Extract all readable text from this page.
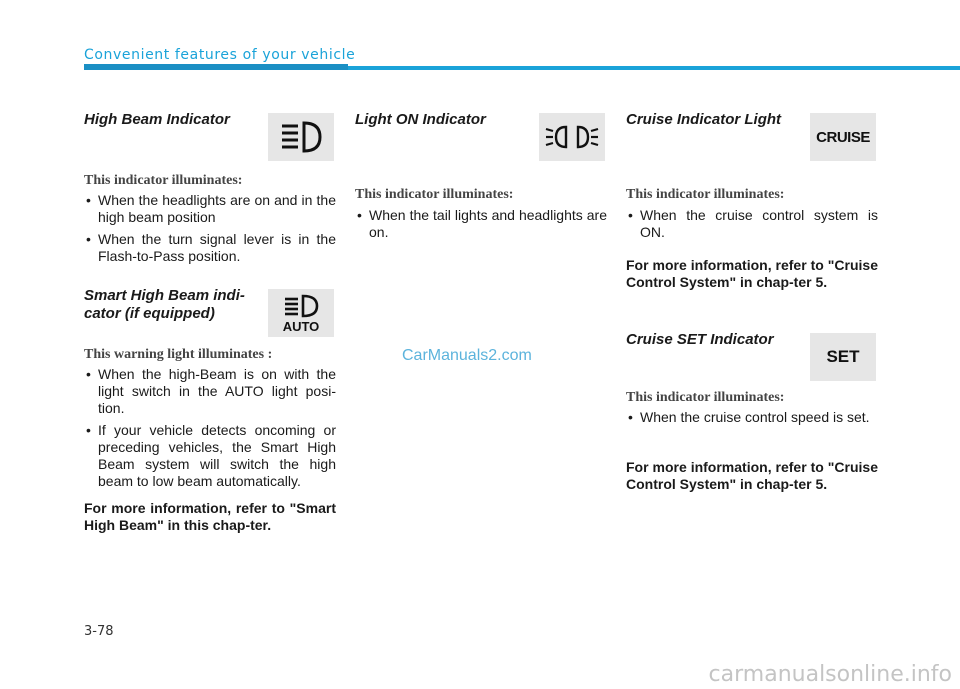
Convenient features of your vehicle
High Beam Indicator
This indicator illuminates:
• When the headlights are on and in the high beam position
• When the turn signal lever is in the Flash-to-Pass position.
Smart High Beam indi-
cator (if equipped)
AUTO
This warning light illuminates :
• When the high-Beam is on with the light switch in the AUTO light posi-tion.
• If your vehicle detects oncoming or preceding vehicles, the Smart High Beam system will switch the high beam to low beam automatically.
For more information, refer to "Smart High Beam" in this chap-ter.
Light ON Indicator
This indicator illuminates:
• When the tail lights and headlights are on.
Cruise Indicator Light
CRUISE
This indicator illuminates:
• When the cruise control system is ON.
For more information, refer to "Cruise Control System" in chap-ter 5.
Cruise SET Indicator
SET
This indicator illuminates:
• When the cruise control speed is set.
For more information, refer to "Cruise Control System" in chap-ter 5.
CarManuals2.com
3-78
carmanualsonline.info
